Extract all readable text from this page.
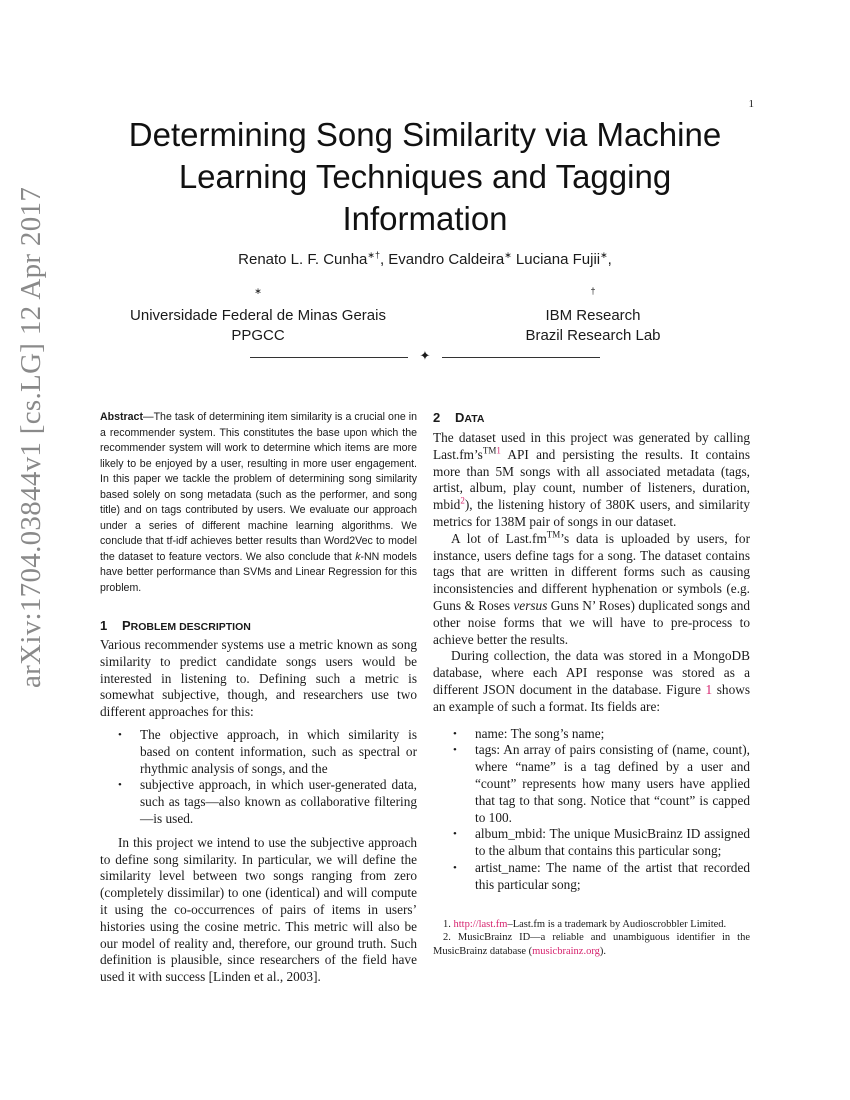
1
arXiv:1704.03844v1 [cs.LG] 12 Apr 2017
Determining Song Similarity via Machine
Learning Techniques and Tagging
Information
Renato L. F. Cunha∗†, Evandro Caldeira∗ Luciana Fujii∗,
∗
Universidade Federal de Minas Gerais
PPGCC
†
IBM Research
Brazil Research Lab
✦

Abstract—The task of determining item similarity is a crucial one in a recommender system. This constitutes the base upon which the recommender system will work to determine which items are more likely to be enjoyed by a user, resulting in more user engagement. In this paper we tackle the problem of determining song similarity based solely on song metadata (such as the performer, and song title) and on tags contributed by users. We evaluate our approach under a series of different machine learning algorithms. We conclude that tf-idf achieves better results than Word2Vec to model the dataset to feature vectors. We also conclude that k-NN models have better performance than SVMs and Linear Regression for this problem.

1 PROBLEM DESCRIPTION

Various recommender systems use a metric known as song similarity to predict candidate songs users would be interested in listening to. Defining such a metric is somewhat subjective, though, and researchers use two different approaches for this:

• The objective approach, in which similarity is based on content information, such as spectral or rhythmic analysis of songs, and the
• subjective approach, in which user-generated data, such as tags—also known as collaborative filtering—is used.

In this project we intend to use the subjective approach to define song similarity. In particular, we will define the similarity level between two songs ranging from zero (completely dissimilar) to one (identical) and will compute it using the co-occurrences of pairs of items in users’ histories using the cosine metric. This metric will also be our model of reality and, therefore, our ground truth. Such definition is plausible, since researchers of the field have used it with success [Linden et al., 2003].

2 DATA

The dataset used in this project was generated by calling $Last.fm’s^{TM1}$ API and persisting the results. It contains more than 5M songs with all associated metadata (tags, artist, album, play count, number of listeners, duration, mbid$^2$), the listening history of 380K users, and similarity metrics for 138M pair of songs in our dataset.

A lot of Last.fm™’s data is uploaded by users, for instance, users define tags for a song. The dataset contains tags that are written in different forms such as causing inconsistencies and different hyphenation or symbols (e.g. Guns & Roses versus Guns N’ Roses) duplicated songs and other noise forms that we will have to pre-process to achieve better the results.

During collection, the data was stored in a MongoDB database, where each API response was stored as a different JSON document in the database. Figure 1 shows an example of such a format. Its fields are:

• name: The song’s name;
• tags: An array of pairs consisting of (name, count), where “name” is a tag defined by a user and “count” represents how many users have applied that tag to that song. Notice that “count” is capped to 100.
• album_mbid: The unique MusicBrainz ID assigned to the album that contains this particular song;
• artist_name: The name of the artist that recorded this particular song;

1. http://last.fm–Last.fm is a trademark by Audioscrobbler Limited.

2. MusicBrainz ID—a reliable and unambiguous identifier in the MusicBrainz database (musicbrainz.org).
